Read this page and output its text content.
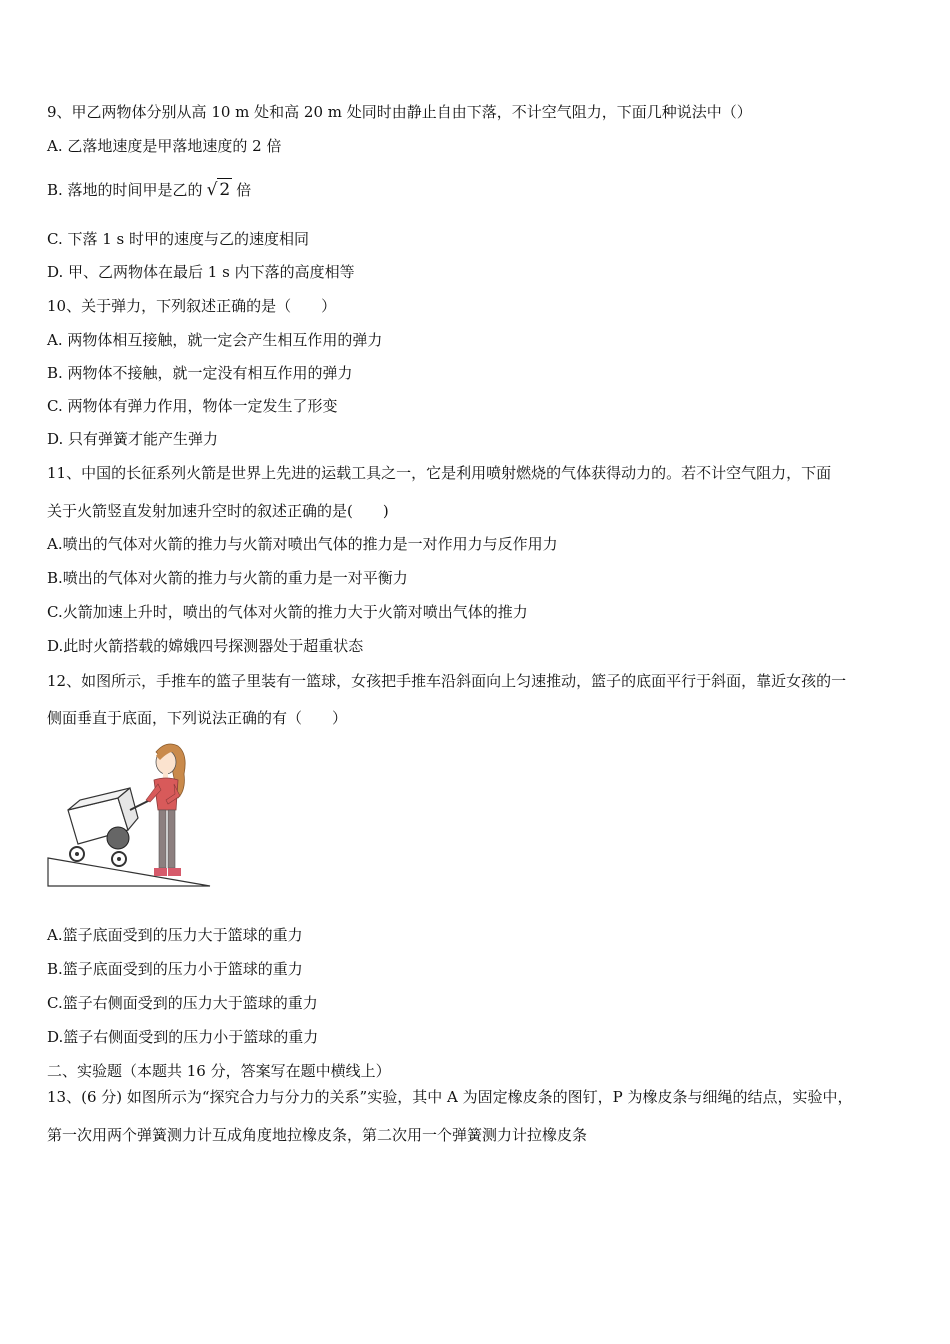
9、甲乙两物体分别从高 10 m 处和高 20 m 处同时由静止自由下落，不计空气阻力，下面几种说法中（）
A. 乙落地速度是甲落地速度的 2 倍
B. 落地的时间甲是乙的 √ 2 倍
C. 下落 1 s 时甲的速度与乙的速度相同
D. 甲、乙两物体在最后 1 s 内下落的高度相等
10、关于弹力，下列叙述正确的是（　　）
A. 两物体相互接触，就一定会产生相互作用的弹力
B. 两物体不接触，就一定没有相互作用的弹力
C. 两物体有弹力作用，物体一定发生了形变
D. 只有弹簧才能产生弹力
11、中国的长征系列火箭是世界上先进的运载工具之一，它是利用喷射燃烧的气体获得动力的。若不计空气阻力，下面
关于火箭竖直发射加速升空时的叙述正确的是(　　)
A.喷出的气体对火箭的推力与火箭对喷出气体的推力是一对作用力与反作用力
B.喷出的气体对火箭的推力与火箭的重力是一对平衡力
C.火箭加速上升时，喷出的气体对火箭的推力大于火箭对喷出气体的推力
D.此时火箭搭载的嫦娥四号探测器处于超重状态
12、如图所示，手推车的篮子里装有一篮球，女孩把手推车沿斜面向上匀速推动，篮子的底面平行于斜面，靠近女孩的一
侧面垂直于底面，下列说法正确的有（　　）
A.篮子底面受到的压力大于篮球的重力
B.篮子底面受到的压力小于篮球的重力
C.篮子右侧面受到的压力大于篮球的重力
D.篮子右侧面受到的压力小于篮球的重力
二、实验题（本题共 16 分，答案写在题中横线上）
13、(6 分) 如图所示为“探究合力与分力的关系”实验，其中 A 为固定橡皮条的图钉，P 为橡皮条与细绳的结点，实验中，
第一次用两个弹簧测力计互成角度地拉橡皮条，第二次用一个弹簧测力计拉橡皮条
